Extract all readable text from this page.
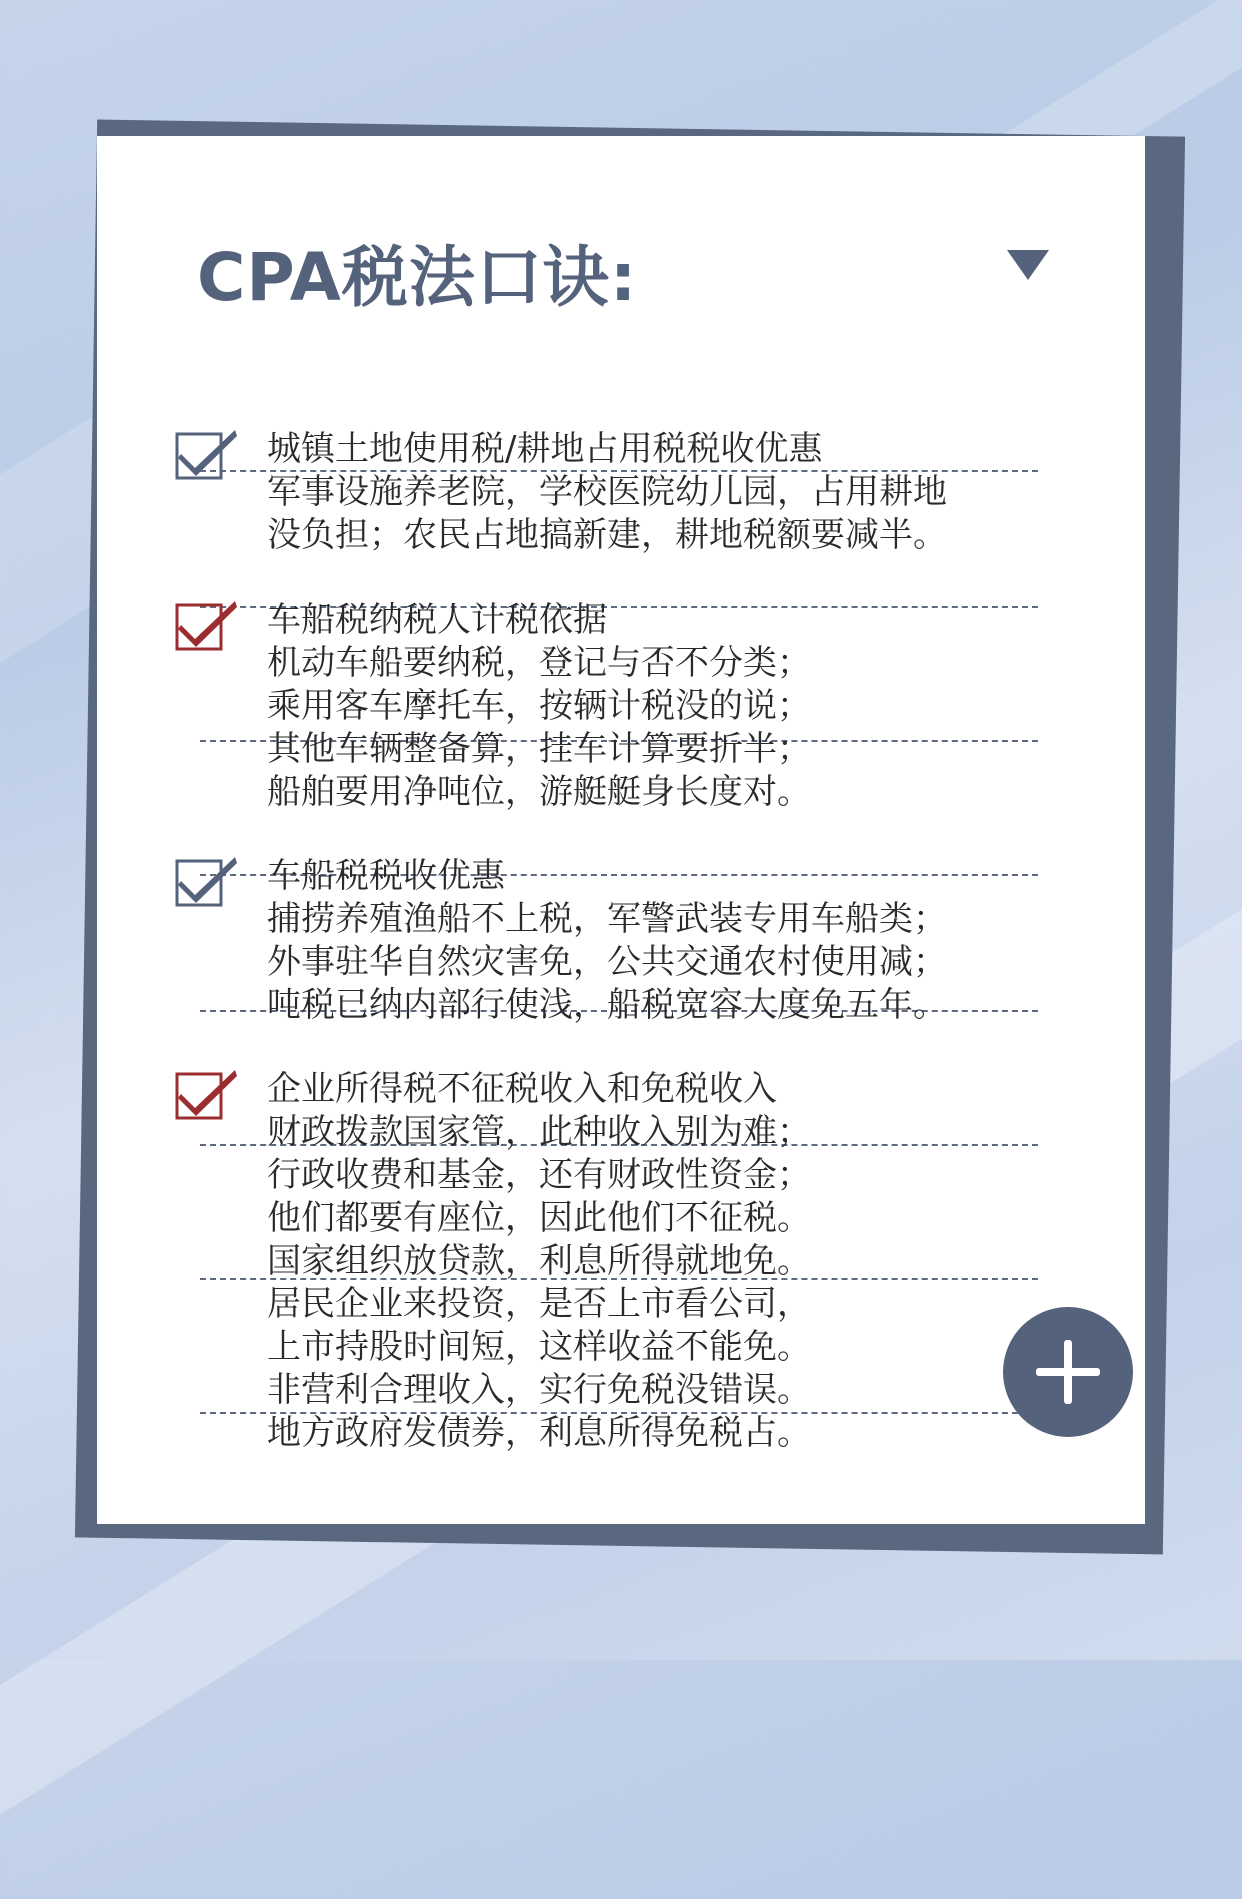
CPA税法口诀:
城镇土地使用税/耕地占用税税收优惠
军事设施养老院，学校医院幼儿园，占用耕地
没负担；农民占地搞新建，耕地税额要减半。
车船税纳税人计税依据
机动车船要纳税，登记与否不分类；
乘用客车摩托车，按辆计税没的说；
其他车辆整备算，挂车计算要折半；
船舶要用净吨位，游艇艇身长度对。
车船税税收优惠
捕捞养殖渔船不上税，军警武装专用车船类；
外事驻华自然灾害免，公共交通农村使用减；
吨税已纳内部行使浅，船税宽容大度免五年。
企业所得税不征税收入和免税收入
财政拨款国家管，此种收入别为难；
行政收费和基金，还有财政性资金；
他们都要有座位，因此他们不征税。
国家组织放贷款，利息所得就地免。
居民企业来投资，是否上市看公司，
上市持股时间短，这样收益不能免。
非营利合理收入，实行免税没错误。
地方政府发债券，利息所得免税占。
